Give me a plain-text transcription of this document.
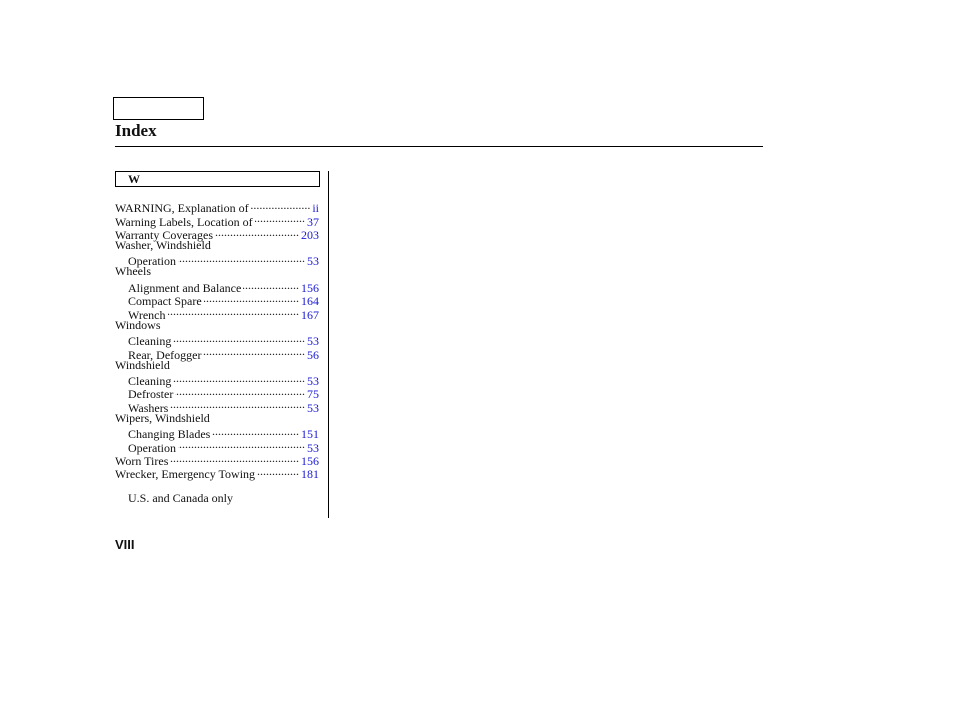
Index
W
WARNING, Explanation of .....	ii
Warning Labels, Location of .....	37
Warranty Coverages .....	203
Washer, Windshield
Operation .....	53
Wheels
Alignment and Balance .....	156
Compact Spare .....	164
Wrench .....	167
Windows
Cleaning .....	53
Rear, Defogger .....	56
Windshield
Cleaning .....	53
Defroster .....	75
Washers .....	53
Wipers, Windshield
Changing Blades .....	151
Operation .....	53
Worn Tires .....	156
Wrecker, Emergency Towing .....	181
U.S. and Canada only
VIII
